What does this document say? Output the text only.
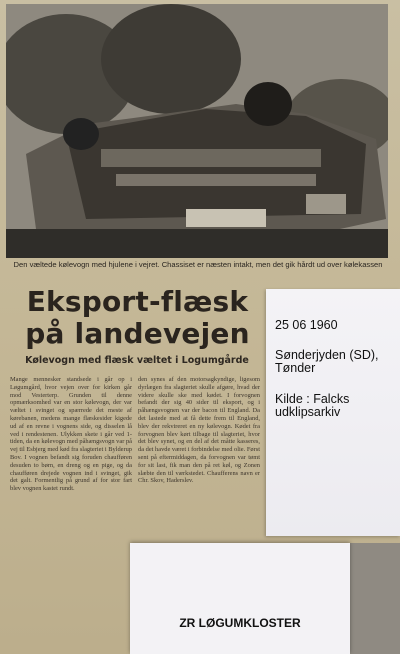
Den væltede kølevogn med hjulene i vejret. Chassiset er næsten intakt, men det gik hårdt ud over kølekassen
Eksport-flæsk på landevejen
Kølevogn med flæsk væltet i Logumgårde
Mange mennesker standsede i går op i Løgumgård, hvor vejen over for kirken går mod Vesterterp. Grunden til denne opmærksomhed var en stor kølevogn, der var væltet i svinget og spærrede det meste af kørebanen, medens mange flæskesider kigede ud af en revne i vognens side, og disselen lå ved i rendestenen. Ulykken skete i går ved 1-tiden, da en kølevogn med påhængsvogn var på vej til Esbjerg med kød fra slagteriet i Bylderup Bov. I vognen befandt sig foruden chaufføren desuden to børn, en dreng og en pige, og da chaufføren drejede vognen ind i svinget, gik det galt. Formentlig på grund af for stor fart blev vognen kastet rundt.
den synes af den motorsagkyndige, ligesom dyrlægen fra slagteriet skulle afgøre, hvad der videre skulle ske med kødet. I forvognen befandt der sig 40 sider til eksport, og i påhængsvognen var der bacon til England. Da det lastede med at få dette frem til England, blev der rekvireret en ny kølevogn. Kødet fra forvognen blev kørt tilbage til slagteriet, hvor det blev synet, og en del af det måtte kasseres, da det havde været i forbindelse med olie. Først sent på eftermiddagen, da forvognen var tømt for sit last, fik man den på ret køl, og Zonen slæbte den til værkstedet. Chaufferens navn er Chr. Skov, Haderslev.
25 06 1960
Sønderjyden (SD), Tønder
Kilde : Falcks udklipsarkiv
ZR LØGUMKLOSTER
